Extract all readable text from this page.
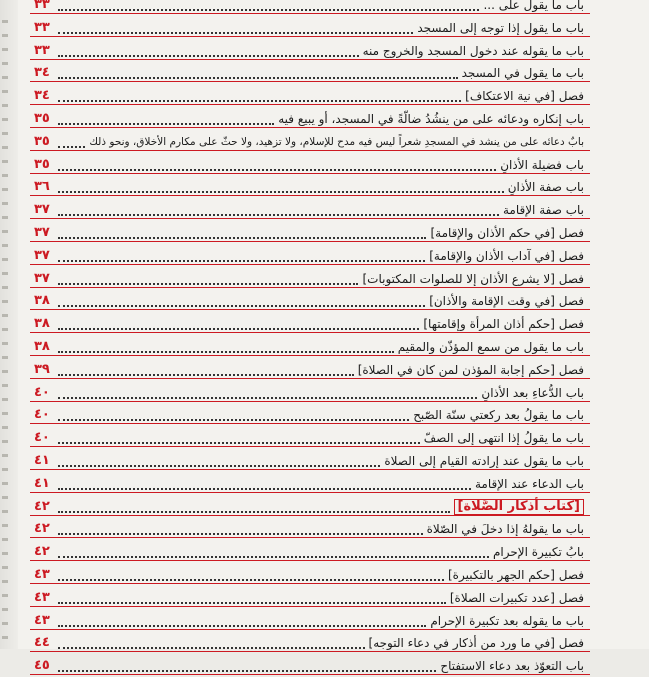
٣٣	باب ما يقول على ...
٣٣	باب ما يقول إذا توجه إلى المسجد
٣٣	باب ما يقوله عند دخول المسجد والخروج منه
٣٤	باب ما يقول في المسجد
٣٤	فصل [في نية الاعتكاف]
٣٥	باب إنكاره ودعائه على من ينشُدُ ضالّةً في المسجد، أو يبيع فيه
٣٥	بابٌ دعائه على من ينشد في المسجدِ شعراً ليس فيه مدح للإسلام، ولا تزهيد، ولا حثّ على مكارم الأخلاق، ونحو ذلك
٣٥	باب فضيلة الأذانِ
٣٦	باب صفة الأذانِ
٣٧	باب صفة الإقامة
٣٧	فصل [في حكم الأذان والإقامة]
٣٧	فصل [في آداب الأذان والإقامة]
٣٧	فصل [لا يشرع الأذان إلا للصلوات المكتوبات]
٣٨	فصل [في وقت الإقامة والأذان]
٣٨	فصل [حكم أذان المرأة وإقامتها]
٣٨	باب ما يقول من سمع المؤذّن والمقيم
٣٩	فصل [حكم إجابة المؤذن لمن كان في الصلاة]
٤٠	باب الدُّعاءِ بعد الأذانِ
٤٠	باب ما يقولُ بعد ركعتي سنّة الصّبح
٤٠	باب ما يقولُ إذا انتهى إلى الصفّ
٤١	باب ما يقول عند إرادته القيام إلى الصلاة
٤١	باب الدعاء عند الإقامة
٤٢	[كتاب أذكار الصَّلاة]
٤٢	باب ما يقولهُ إذا دخلَ في الصّلاة
٤٢	بابُ تكبيرة الإحرام
٤٣	فصل [حكم الجهر بالتكبيرة]
٤٣	فصل [عدد تكبيرات الصلاة]
٤٣	باب ما يقوله بعد تكبيرة الإحرام
٤٤	فصل [في ما ورد من أذكار في دعاء التوجه]
٤٥	باب التعوّذ بعد دعاء الاستفتاح
